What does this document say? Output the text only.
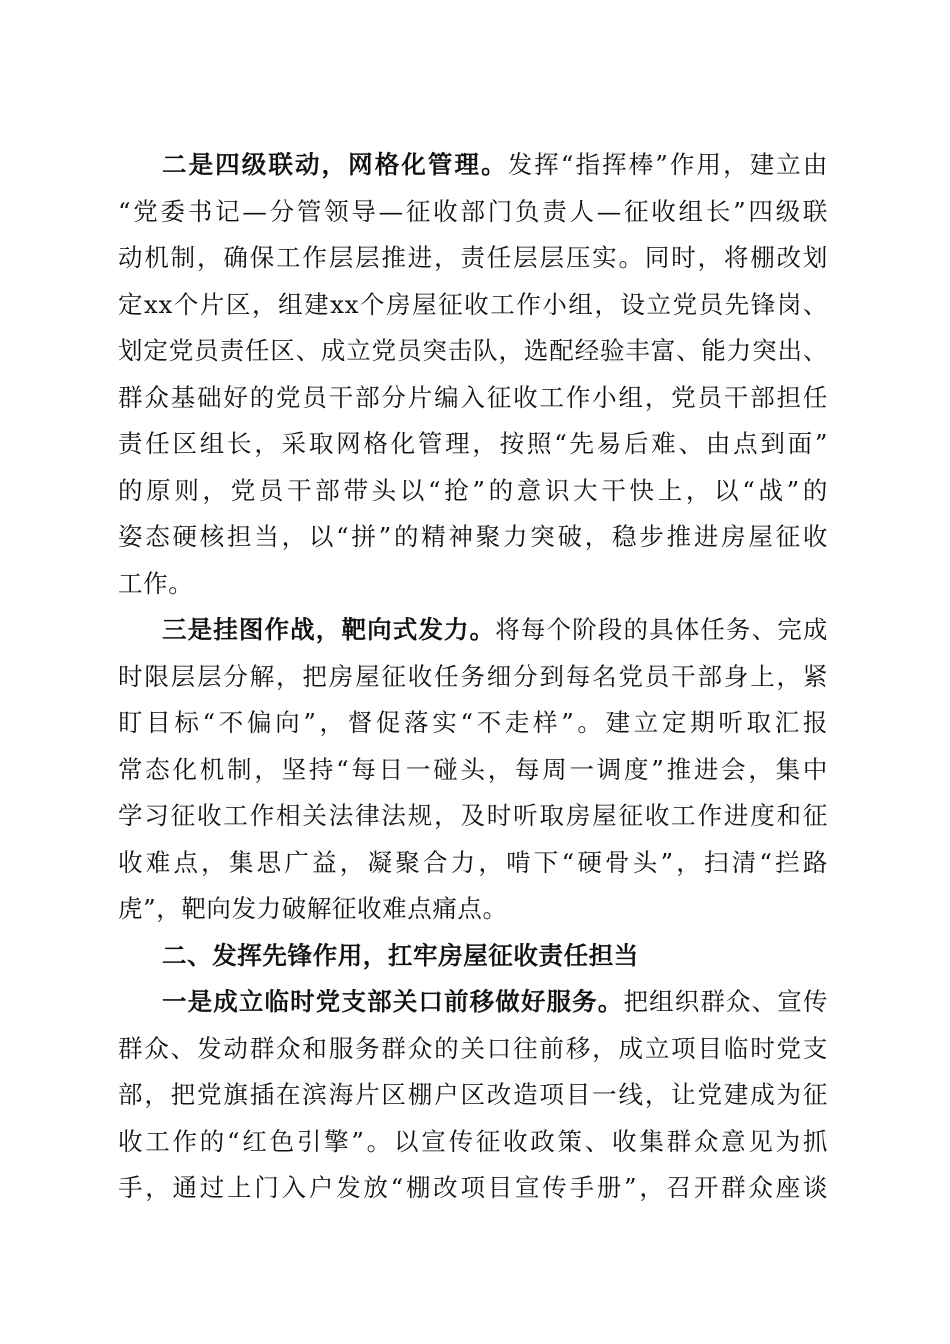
二是四级联动，网格化管理。发挥“指挥棒”作用，建立由
“党委书记—分管领导—征收部门负责人—征收组长”四级联
动机制，确保工作层层推进，责任层层压实。同时，将棚改划
定xx个片区，组建xx个房屋征收工作小组，设立党员先锋岗、
划定党员责任区、成立党员突击队，选配经验丰富、能力突出、
群众基础好的党员干部分片编入征收工作小组，党员干部担任
责任区组长，采取网格化管理，按照“先易后难、由点到面”
的原则，党员干部带头以“抢”的意识大干快上，以“战”的
姿态硬核担当，以“拼”的精神聚力突破，稳步推进房屋征收
工作。
三是挂图作战，靶向式发力。将每个阶段的具体任务、完成
时限层层分解，把房屋征收任务细分到每名党员干部身上，紧
盯目标“不偏向”，督促落实“不走样”。建立定期听取汇报
常态化机制，坚持“每日一碰头，每周一调度”推进会，集中
学习征收工作相关法律法规，及时听取房屋征收工作进度和征
收难点，集思广益，凝聚合力，啃下“硬骨头”，扫清“拦路
虎”，靶向发力破解征收难点痛点。
二、发挥先锋作用，扛牢房屋征收责任担当
一是成立临时党支部关口前移做好服务。把组织群众、宣传
群众、发动群众和服务群众的关口往前移，成立项目临时党支
部，把党旗插在滨海片区棚户区改造项目一线，让党建成为征
收工作的“红色引擎”。以宣传征收政策、收集群众意见为抓
手，通过上门入户发放“棚改项目宣传手册”，召开群众座谈
